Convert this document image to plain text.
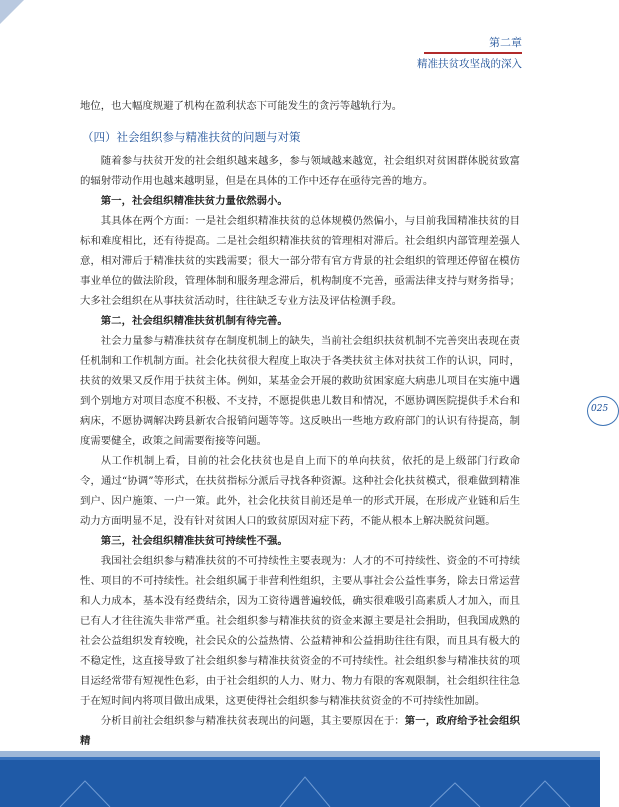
第二章
精准扶贫攻坚战的深入

地位，也大幅度规避了机构在盈利状态下可能发生的贪污等越轨行为。

（四）社会组织参与精准扶贫的问题与对策

随着参与扶贫开发的社会组织越来越多，参与领域越来越宽，社会组织对贫困群体脱贫致富的辐射带动作用也越来越明显，但是在具体的工作中还存在亟待完善的地方。

第一，社会组织精准扶贫力量依然弱小。

其具体在两个方面：一是社会组织精准扶贫的总体规模仍然偏小，与目前我国精准扶贫的目标和难度相比，还有待提高。二是社会组织精准扶贫的管理相对滞后。社会组织内部管理差强人意，相对滞后于精准扶贫的实践需要；很大一部分带有官方背景的社会组织的管理还停留在模仿事业单位的做法阶段，管理体制和服务理念滞后，机构制度不完善，亟需法律支持与财务指导；大多社会组织在从事扶贫活动时，往往缺乏专业方法及评估检测手段。

第二，社会组织精准扶贫机制有待完善。

社会力量参与精准扶贫存在制度机制上的缺失，当前社会组织扶贫机制不完善突出表现在责任机制和工作机制方面。社会化扶贫很大程度上取决于各类扶贫主体对扶贫工作的认识，同时，扶贫的效果又反作用于扶贫主体。例如，某基金会开展的救助贫困家庭大病患儿项目在实施中遇到个别地方对项目态度不积极、不支持，不愿提供患儿数目和情况，不愿协调医院提供手术台和病床，不愿协调解决跨县新农合报销问题等等。这反映出一些地方政府部门的认识有待提高，制度需要健全，政策之间需要衔接等问题。

从工作机制上看，目前的社会化扶贫也是自上而下的单向扶贫，依托的是上级部门行政命令，通过“协调”等形式，在扶贫指标分派后寻找各种资源。这种社会化扶贫模式，很难做到精准到户、因户施策、一户一策。此外，社会化扶贫目前还是单一的形式开展，在形成产业链和后生动力方面明显不足，没有针对贫困人口的致贫原因对症下药，不能从根本上解决脱贫问题。

第三，社会组织精准扶贫可持续性不强。

我国社会组织参与精准扶贫的不可持续性主要表现为：人才的不可持续性、资金的不可持续性、项目的不可持续性。社会组织属于非营利性组织，主要从事社会公益性事务，除去日常运营和人力成本，基本没有经费结余，因为工资待遇普遍较低，确实很难吸引高素质人才加入，而且已有人才往往流失非常严重。社会组织参与精准扶贫的资金来源主要是社会捐助，但我国成熟的社会公益组织发育较晚，社会民众的公益热情、公益精神和公益捐助往往有限，而且具有极大的不稳定性，这直接导致了社会组织参与精准扶贫资金的不可持续性。社会组织参与精准扶贫的项目运经常带有短视性色彩，由于社会组织的人力、财力、物力有限的客观限制，社会组织往往急于在短时间内将项目做出成果，这更使得社会组织参与精准扶贫资金的不可持续性加剧。

分析目前社会组织参与精准扶贫表现出的问题，其主要原因在于：第一，政府给予社会组织精

025
